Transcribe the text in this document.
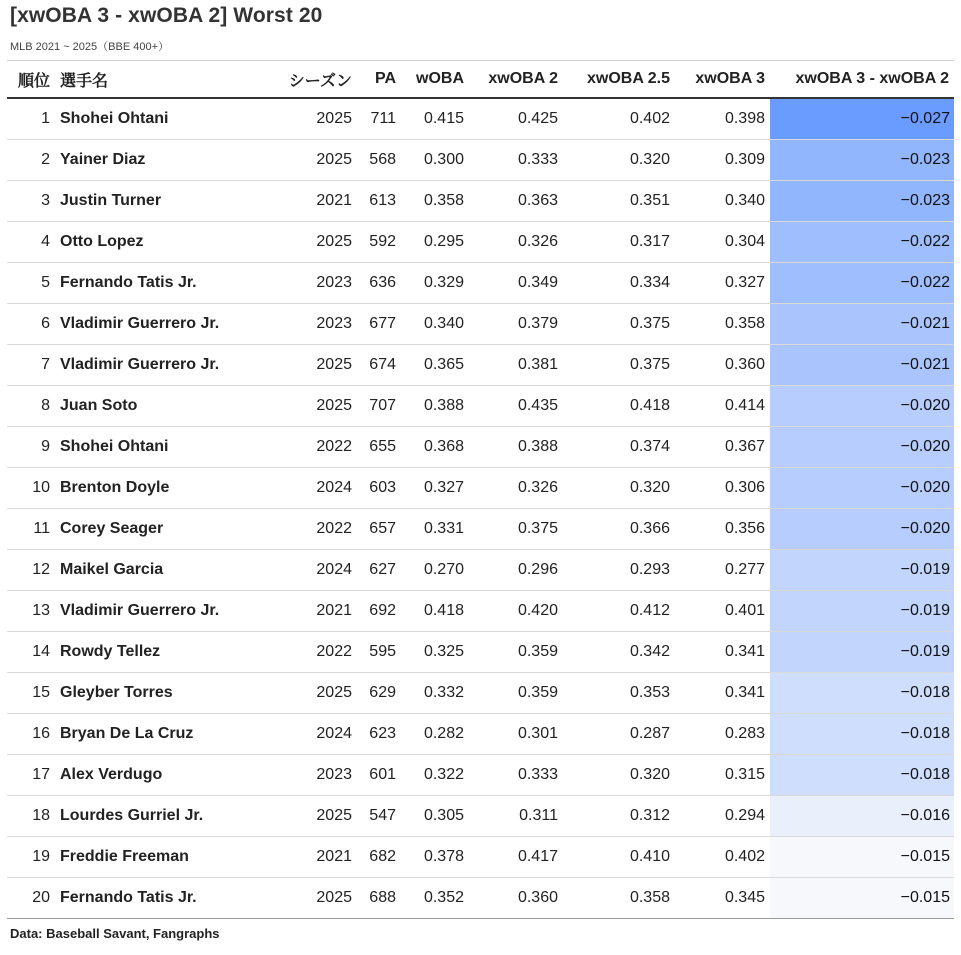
[xwOBA 3 - xwOBA 2] Worst 20
MLB 2021 ~ 2025（BBE 400+）
順位	選手名	シーズン	PA	wOBA	xwOBA 2	xwOBA 2.5	xwOBA 3	xwOBA 3 - xwOBA 2
1	Shohei Ohtani	2025	711	0.415	0.425	0.402	0.398	−0.027
2	Yainer Diaz	2025	568	0.300	0.333	0.320	0.309	−0.023
3	Justin Turner	2021	613	0.358	0.363	0.351	0.340	−0.023
4	Otto Lopez	2025	592	0.295	0.326	0.317	0.304	−0.022
5	Fernando Tatis Jr.	2023	636	0.329	0.349	0.334	0.327	−0.022
6	Vladimir Guerrero Jr.	2023	677	0.340	0.379	0.375	0.358	−0.021
7	Vladimir Guerrero Jr.	2025	674	0.365	0.381	0.375	0.360	−0.021
8	Juan Soto	2025	707	0.388	0.435	0.418	0.414	−0.020
9	Shohei Ohtani	2022	655	0.368	0.388	0.374	0.367	−0.020
10	Brenton Doyle	2024	603	0.327	0.326	0.320	0.306	−0.020
11	Corey Seager	2022	657	0.331	0.375	0.366	0.356	−0.020
12	Maikel Garcia	2024	627	0.270	0.296	0.293	0.277	−0.019
13	Vladimir Guerrero Jr.	2021	692	0.418	0.420	0.412	0.401	−0.019
14	Rowdy Tellez	2022	595	0.325	0.359	0.342	0.341	−0.019
15	Gleyber Torres	2025	629	0.332	0.359	0.353	0.341	−0.018
16	Bryan De La Cruz	2024	623	0.282	0.301	0.287	0.283	−0.018
17	Alex Verdugo	2023	601	0.322	0.333	0.320	0.315	−0.018
18	Lourdes Gurriel Jr.	2025	547	0.305	0.311	0.312	0.294	−0.016
19	Freddie Freeman	2021	682	0.378	0.417	0.410	0.402	−0.015
20	Fernando Tatis Jr.	2025	688	0.352	0.360	0.358	0.345	−0.015
Data: Baseball Savant, Fangraphs
